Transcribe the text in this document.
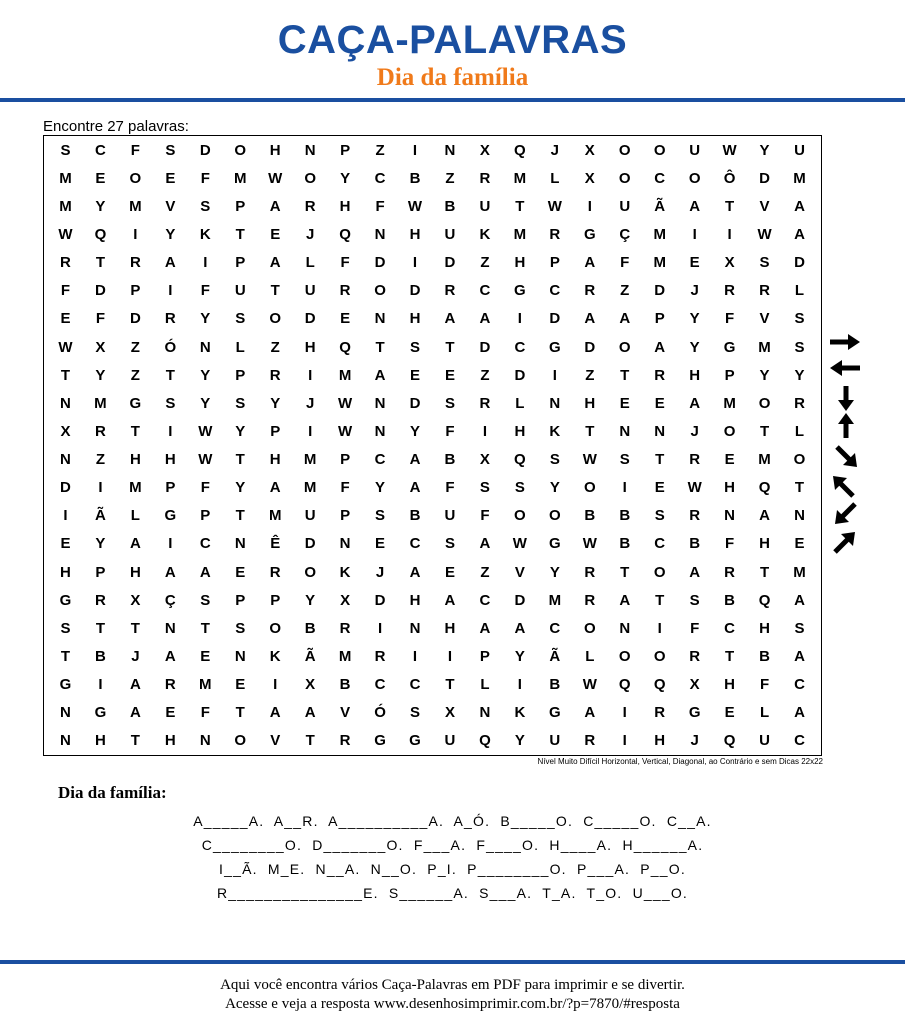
CAÇA-PALAVRAS
Dia da família
Encontre 27 palavras:
S	C	F	S	D	O	H	N	P	Z	I	N	X	Q	J	X	O	O	U	W	Y	U
M	E	O	E	F	M	W	O	Y	C	B	Z	R	M	L	X	O	C	O	Ô	D	M
M	Y	M	V	S	P	A	R	H	F	W	B	U	T	W	I	U	Ã	A	T	V	A
W	Q	I	Y	K	T	E	J	Q	N	H	U	K	M	R	G	Ç	M	I	I	W	A
R	T	R	A	I	P	A	L	F	D	I	D	Z	H	P	A	F	M	E	X	S	D
F	D	P	I	F	U	T	U	R	O	D	R	C	G	C	R	Z	D	J	R	R	L
E	F	D	R	Y	S	O	D	E	N	H	A	A	I	D	A	A	P	Y	F	V	S
W	X	Z	Ó	N	L	Z	H	Q	T	S	T	D	C	G	D	O	A	Y	G	M	S
T	Y	Z	T	Y	P	R	I	M	A	E	E	Z	D	I	Z	T	R	H	P	Y	Y
N	M	G	S	Y	S	Y	J	W	N	D	S	R	L	N	H	E	E	A	M	O	R
X	R	T	I	W	Y	P	I	W	N	Y	F	I	H	K	T	N	N	J	O	T	L
N	Z	H	H	W	T	H	M	P	C	A	B	X	Q	S	W	S	T	R	E	M	O
D	I	M	P	F	Y	A	M	F	Y	A	F	S	S	Y	O	I	E	W	H	Q	T
I	Ã	L	G	P	T	M	U	P	S	B	U	F	O	O	B	B	S	R	N	A	N
E	Y	A	I	C	N	Ê	D	N	E	C	S	A	W	G	W	B	C	B	F	H	E
H	P	H	A	A	E	R	O	K	J	A	E	Z	V	Y	R	T	O	A	R	T	M
G	R	X	Ç	S	P	P	Y	X	D	H	A	C	D	M	R	A	T	S	B	Q	A
S	T	T	N	T	S	O	B	R	I	N	H	A	A	C	O	N	I	F	C	H	S
T	B	J	A	E	N	K	Ã	M	R	I	I	P	Y	Ã	L	O	O	R	T	B	A
G	I	A	R	M	E	I	X	B	C	C	T	L	I	B	W	Q	Q	X	H	F	C
N	G	A	E	F	T	A	A	V	Ó	S	X	N	K	G	A	I	R	G	E	L	A
N	H	T	H	N	O	V	T	R	G	G	U	Q	Y	U	R	I	H	J	Q	U	C
Nível Muito Difícil Horizontal, Vertical, Diagonal, ao Contrário e sem Dicas 22x22
Dia da família:
A_____A.  A__R.  A__________A.  A_Ó.  B_____O.  C_____O.  C__A.
C________O.  D_______O.  F___A.  F____O.  H____A.  H______A.
I__Ã.  M_E.  N__A.  N__O.  P_I.  P________O.  P___A.  P__O.
R_______________E.  S______A.  S___A.  T_A.  T_O.  U___O.
Aqui você encontra vários Caça-Palavras em PDF para imprimir e se divertir.
Acesse e veja a resposta www.desenhosimprimir.com.br/?p=7870/#resposta
